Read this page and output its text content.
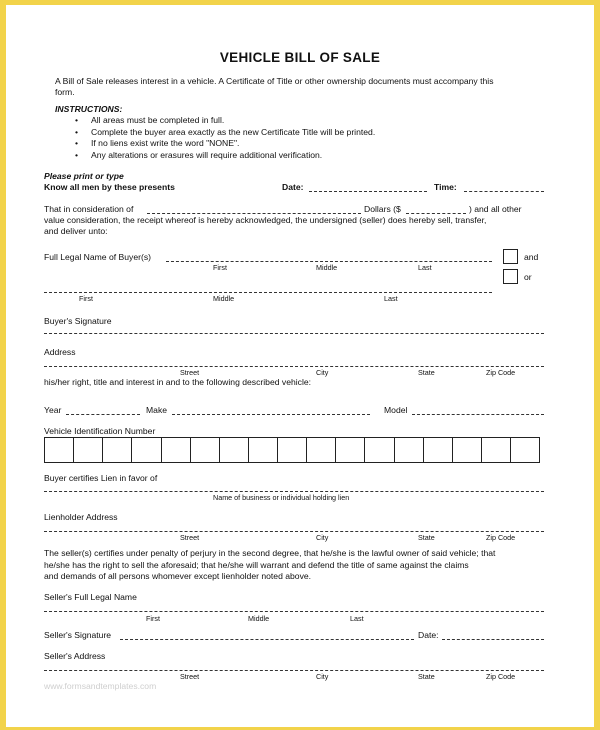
VEHICLE BILL OF SALE
A Bill of Sale releases interest in a vehicle. A Certificate of Title or other ownership documents must accompany this
form.
INSTRUCTIONS:
• All areas must be completed in full.
• Complete the buyer area exactly as the new Certificate Title will be printed.
• If no liens exist write the word "NONE".
• Any alterations or erasures will require additional verification.
Please print or type
Know all men by these presents	Date:	Time:
That in consideration of	Dollars ($	) and all other
value consideration, the receipt whereof is hereby acknowledged, the undersigned (seller) does hereby sell, transfer,
and deliver unto:
Full Legal Name of Buyer(s)
First	Middle	Last
and
or
First	Middle	Last
Buyer's Signature
Address
Street	City	State	Zip Code
his/her right, title and interest in and to the following described vehicle:
Year	Make	Model
Vehicle Identification Number
Buyer certifies Lien in favor of
Name of business or individual holding lien
Lienholder Address
Street	City	State	Zip Code
The seller(s) certifies under penalty of perjury in the second degree, that he/she is the lawful owner of said vehicle; that
he/she has the right to sell the aforesaid; that he/she will warrant and defend the title of same against the claims
and demands of all persons whomever except lienholder noted above.
Seller's Full Legal Name
First	Middle	Last
Seller's Signature	Date:
Seller's Address
Street	City	State	Zip Code
www.formsandtemplates.com
